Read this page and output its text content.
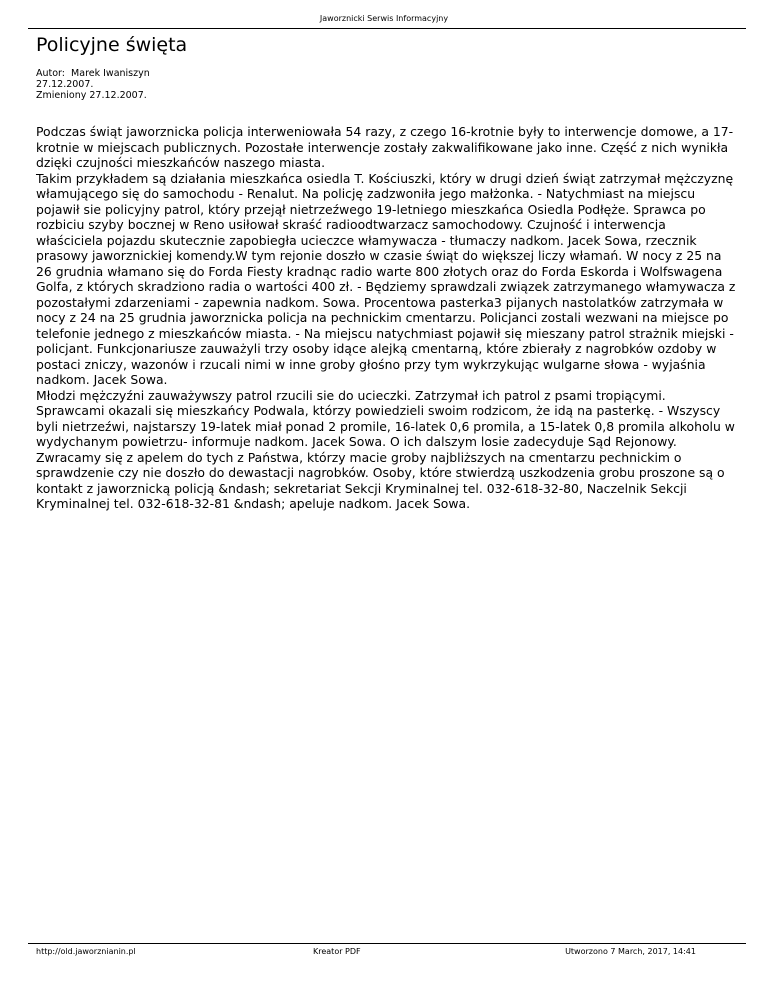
Jaworznicki Serwis Informacyjny
Policyjne święta
Autor: Marek Iwaniszyn
27.12.2007.
Zmieniony 27.12.2007.

Podczas świąt jaworznicka policja interweniowała 54 razy, z czego 16-krotnie były to interwencje domowe, a 17-krotnie w miejscach publicznych. Pozostałe interwencje zostały zakwalifikowane jako inne. Część z nich wynikła dzięki czujności mieszkańców naszego miasta.

Takim przykładem są działania mieszkańca osiedla T. Kościuszki, który w drugi dzień świąt zatrzymał mężczyznę włamującego się do samochodu - Renalut. Na policję zadzwoniła jego małżonka. - Natychmiast na miejscu pojawił sie policyjny patrol, który przejął nietrzeźwego 19-letniego mieszkańca Osiedla Podłęże. Sprawca po rozbiciu szyby bocznej w Reno usiłował skraść radioodtwarzacz samochodowy. Czujność i interwencja właściciela pojazdu skutecznie zapobiegła ucieczce włamywacza - tłumaczy nadkom. Jacek Sowa, rzecznik prasowy jaworznickiej komendy.W tym rejonie doszło w czasie świąt do większej liczy włamań. W nocy z 25 na 26 grudnia włamano się do Forda Fiesty kradnąc radio warte 800 złotych oraz do Forda Eskorda i Wolfswagena Golfa, z których skradziono radia o wartości 400 zł. - Będziemy sprawdzali związek zatrzymanego włamywacza z pozostałymi zdarzeniami - zapewnia nadkom. Sowa. Procentowa pasterka3 pijanych nastolatków zatrzymała w nocy z 24 na 25 grudnia jaworznicka policja na pechnickim cmentarzu. Policjanci zostali wezwani na miejsce po telefonie jednego z mieszkańców miasta. - Na miejscu natychmiast pojawił się mieszany patrol strażnik miejski - policjant. Funkcjonariusze zauważyli trzy osoby idące alejką cmentarną, które zbierały z nagrobków ozdoby w postaci zniczy, wazonów i rzucali nimi w inne groby głośno przy tym wykrzykując wulgarne słowa - wyjaśnia nadkom. Jacek Sowa.

Młodzi mężczyźni zauważywszy patrol rzucili sie do ucieczki. Zatrzymał ich patrol z psami tropiącymi. Sprawcami okazali się mieszkańcy Podwala, którzy powiedzieli swoim rodzicom, że idą na pasterkę. - Wszyscy byli nietrzeźwi, najstarszy 19-latek miał ponad 2 promile, 16-latek 0,6 promila, a 15-latek 0,8 promila alkoholu w wydychanym powietrzu- informuje nadkom. Jacek Sowa. O ich dalszym losie zadecyduje Sąd Rejonowy. Zwracamy się z apelem do tych z Państwa, którzy macie groby najbliższych na cmentarzu pechnickim o sprawdzenie czy nie doszło do dewastacji nagrobków. Osoby, które stwierdzą uszkodzenia grobu proszone są o kontakt z jaworznicką policją &ndash; sekretariat Sekcji Kryminalnej tel. 032-618-32-80, Naczelnik Sekcji Kryminalnej tel. 032-618-32-81 &ndash; apeluje nadkom. Jacek Sowa.

http://old.jaworznianin.pl	Kreator PDF	Utworzono 7 March, 2017, 14:41
